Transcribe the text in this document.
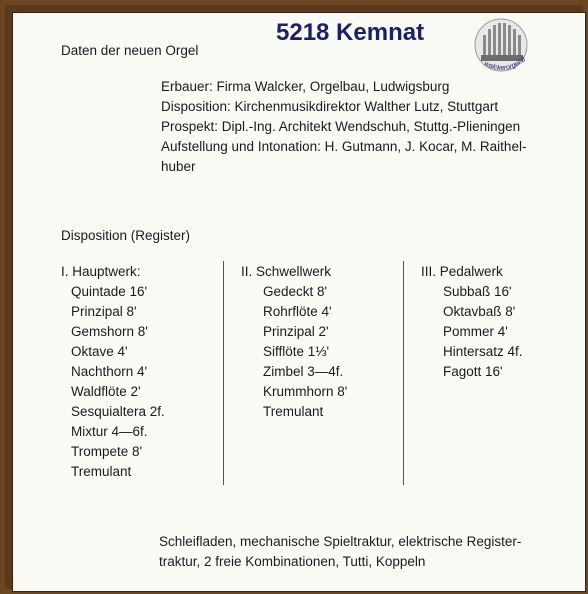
5218 Kemnat
walckerorgel.d
Daten der neuen Orgel
Erbauer: Firma Walcker, Orgelbau, Ludwigsburg
Disposition: Kirchenmusikdirektor Walther Lutz, Stuttgart
Prospekt: Dipl.-Ing. Architekt Wendschuh, Stuttg.-Plieningen
Aufstellung und Intonation: H. Gutmann, J. Kocar, M. Raithel-
huber
Disposition (Register)
I. Hauptwerk:
Quintade 16'
Prinzipal 8'
Gemshorn 8'
Oktave 4'
Nachthorn 4'
Waldflöte 2'
Sesquialtera 2f.
Mixtur 4—6f.
Trompete 8'
Tremulant
II. Schwellwerk
Gedeckt 8'
Rohrflöte 4'
Prinzipal 2'
Sifflöte 1⅓'
Zimbel 3—4f.
Krummhorn 8'
Tremulant
III. Pedalwerk
Subbaß 16'
Oktavbaß 8'
Pommer 4'
Hintersatz 4f.
Fagott 16'
Schleifladen, mechanische Spieltraktur, elektrische Register-
traktur, 2 freie Kombinationen, Tutti, Koppeln
